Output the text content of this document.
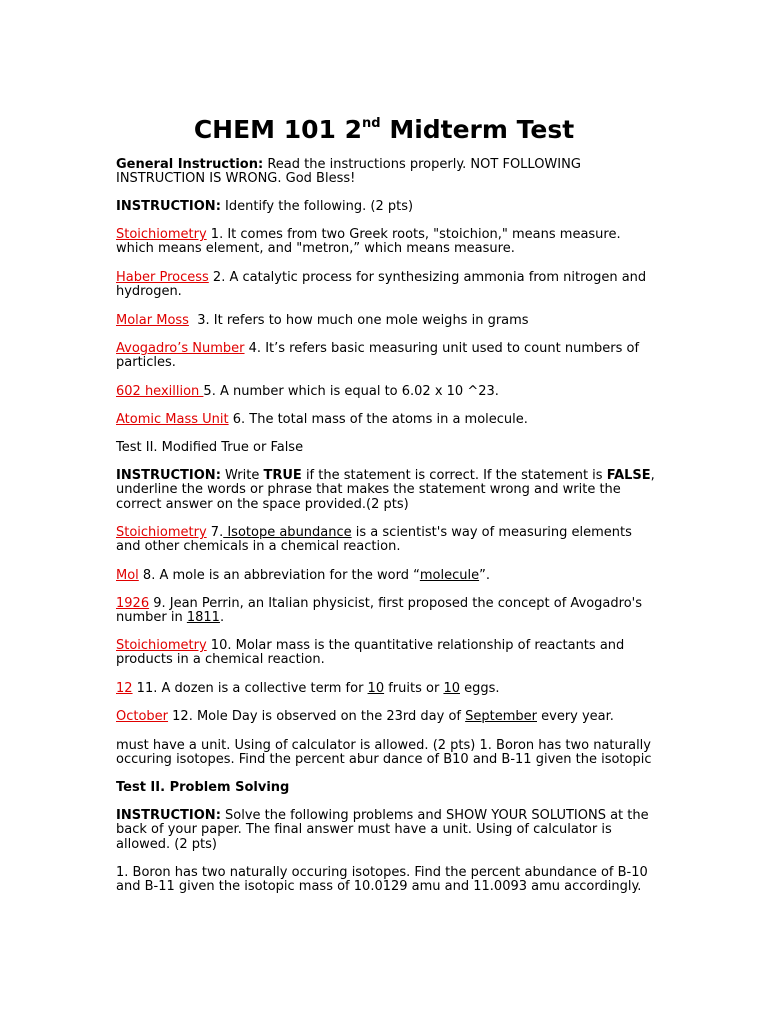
CHEM 101 2nd Midterm Test
General Instruction: Read the instructions properly. NOT FOLLOWING INSTRUCTION IS WRONG. God Bless!
INSTRUCTION: Identify the following. (2 pts)
Stoichiometry 1. It comes from two Greek roots, "stoichion," means measure. which means element, and "metron,” which means measure.
Haber Process 2. A catalytic process for synthesizing ammonia from nitrogen and hydrogen.
Molar Moss  3. It refers to how much one mole weighs in grams
Avogadro’s Number 4. It’s refers basic measuring unit used to count numbers of particles.
602 hexillion 5. A number which is equal to 6.02 x 10 ^23.
Atomic Mass Unit 6. The total mass of the atoms in a molecule.
Test II. Modified True or False
INSTRUCTION: Write TRUE if the statement is correct. If the statement is FALSE, underline the words or phrase that makes the statement wrong and write the correct answer on the space provided.(2 pts)
Stoichiometry 7. Isotope abundance is a scientist's way of measuring elements and other chemicals in a chemical reaction.
Mol 8. A mole is an abbreviation for the word “molecule”.
1926 9. Jean Perrin, an Italian physicist, first proposed the concept of Avogadro's number in 1811.
Stoichiometry 10. Molar mass is the quantitative relationship of reactants and products in a chemical reaction.
12 11. A dozen is a collective term for 10 fruits or 10 eggs.
October 12. Mole Day is observed on the 23rd day of September every year.
must have a unit. Using of calculator is allowed. (2 pts) 1. Boron has two naturally occuring isotopes. Find the percent abur dance of B10 and B-11 given the isotopic
Test II. Problem Solving
INSTRUCTION: Solve the following problems and SHOW YOUR SOLUTIONS at the back of your paper. The final answer must have a unit. Using of calculator is allowed. (2 pts)
1. Boron has two naturally occuring isotopes. Find the percent abundance of B-10 and B-11 given the isotopic mass of 10.0129 amu and 11.0093 amu accordingly.
